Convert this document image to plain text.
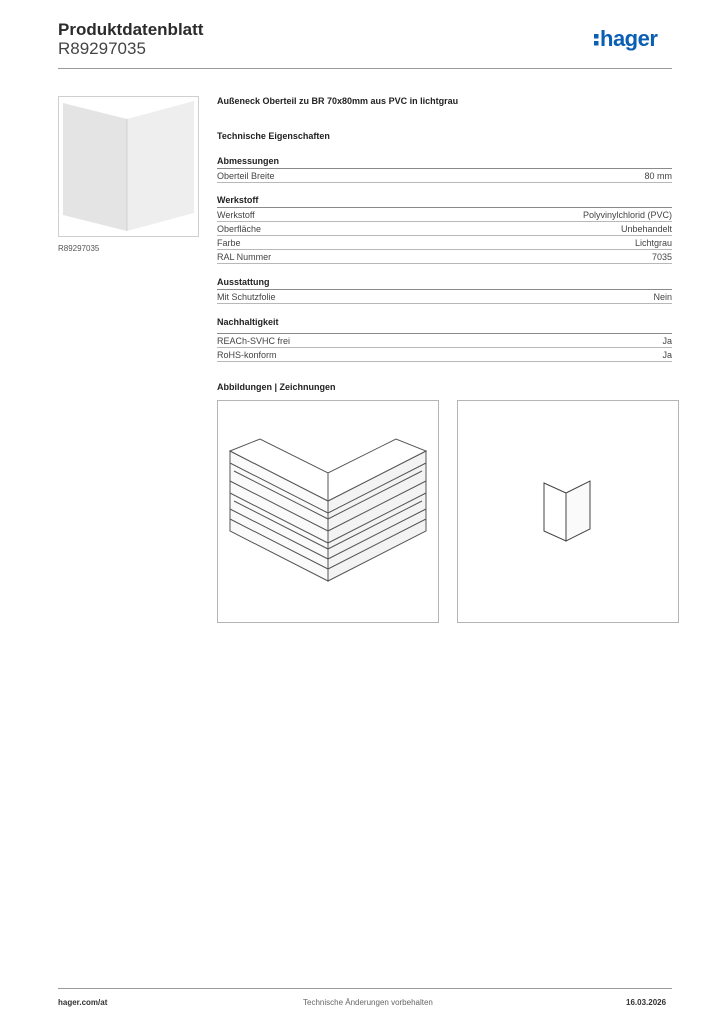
Produktdatenblatt
R89297035	hager
R89297035
Außeneck Oberteil zu BR 70x80mm aus PVC in lichtgrau
Technische Eigenschaften
Abmessungen
Oberteil Breite	80 mm
Werkstoff
Werkstoff	Polyvinylchlorid (PVC)
Oberfläche	Unbehandelt
Farbe	Lichtgrau
RAL Nummer	7035
Ausstattung
Mit Schutzfolie	Nein
Nachhaltigkeit
REACh-SVHC frei	Ja
RoHS-konform	Ja
Abbildungen | Zeichnungen
hager.com/at	Technische Änderungen vorbehalten	16.03.2026
